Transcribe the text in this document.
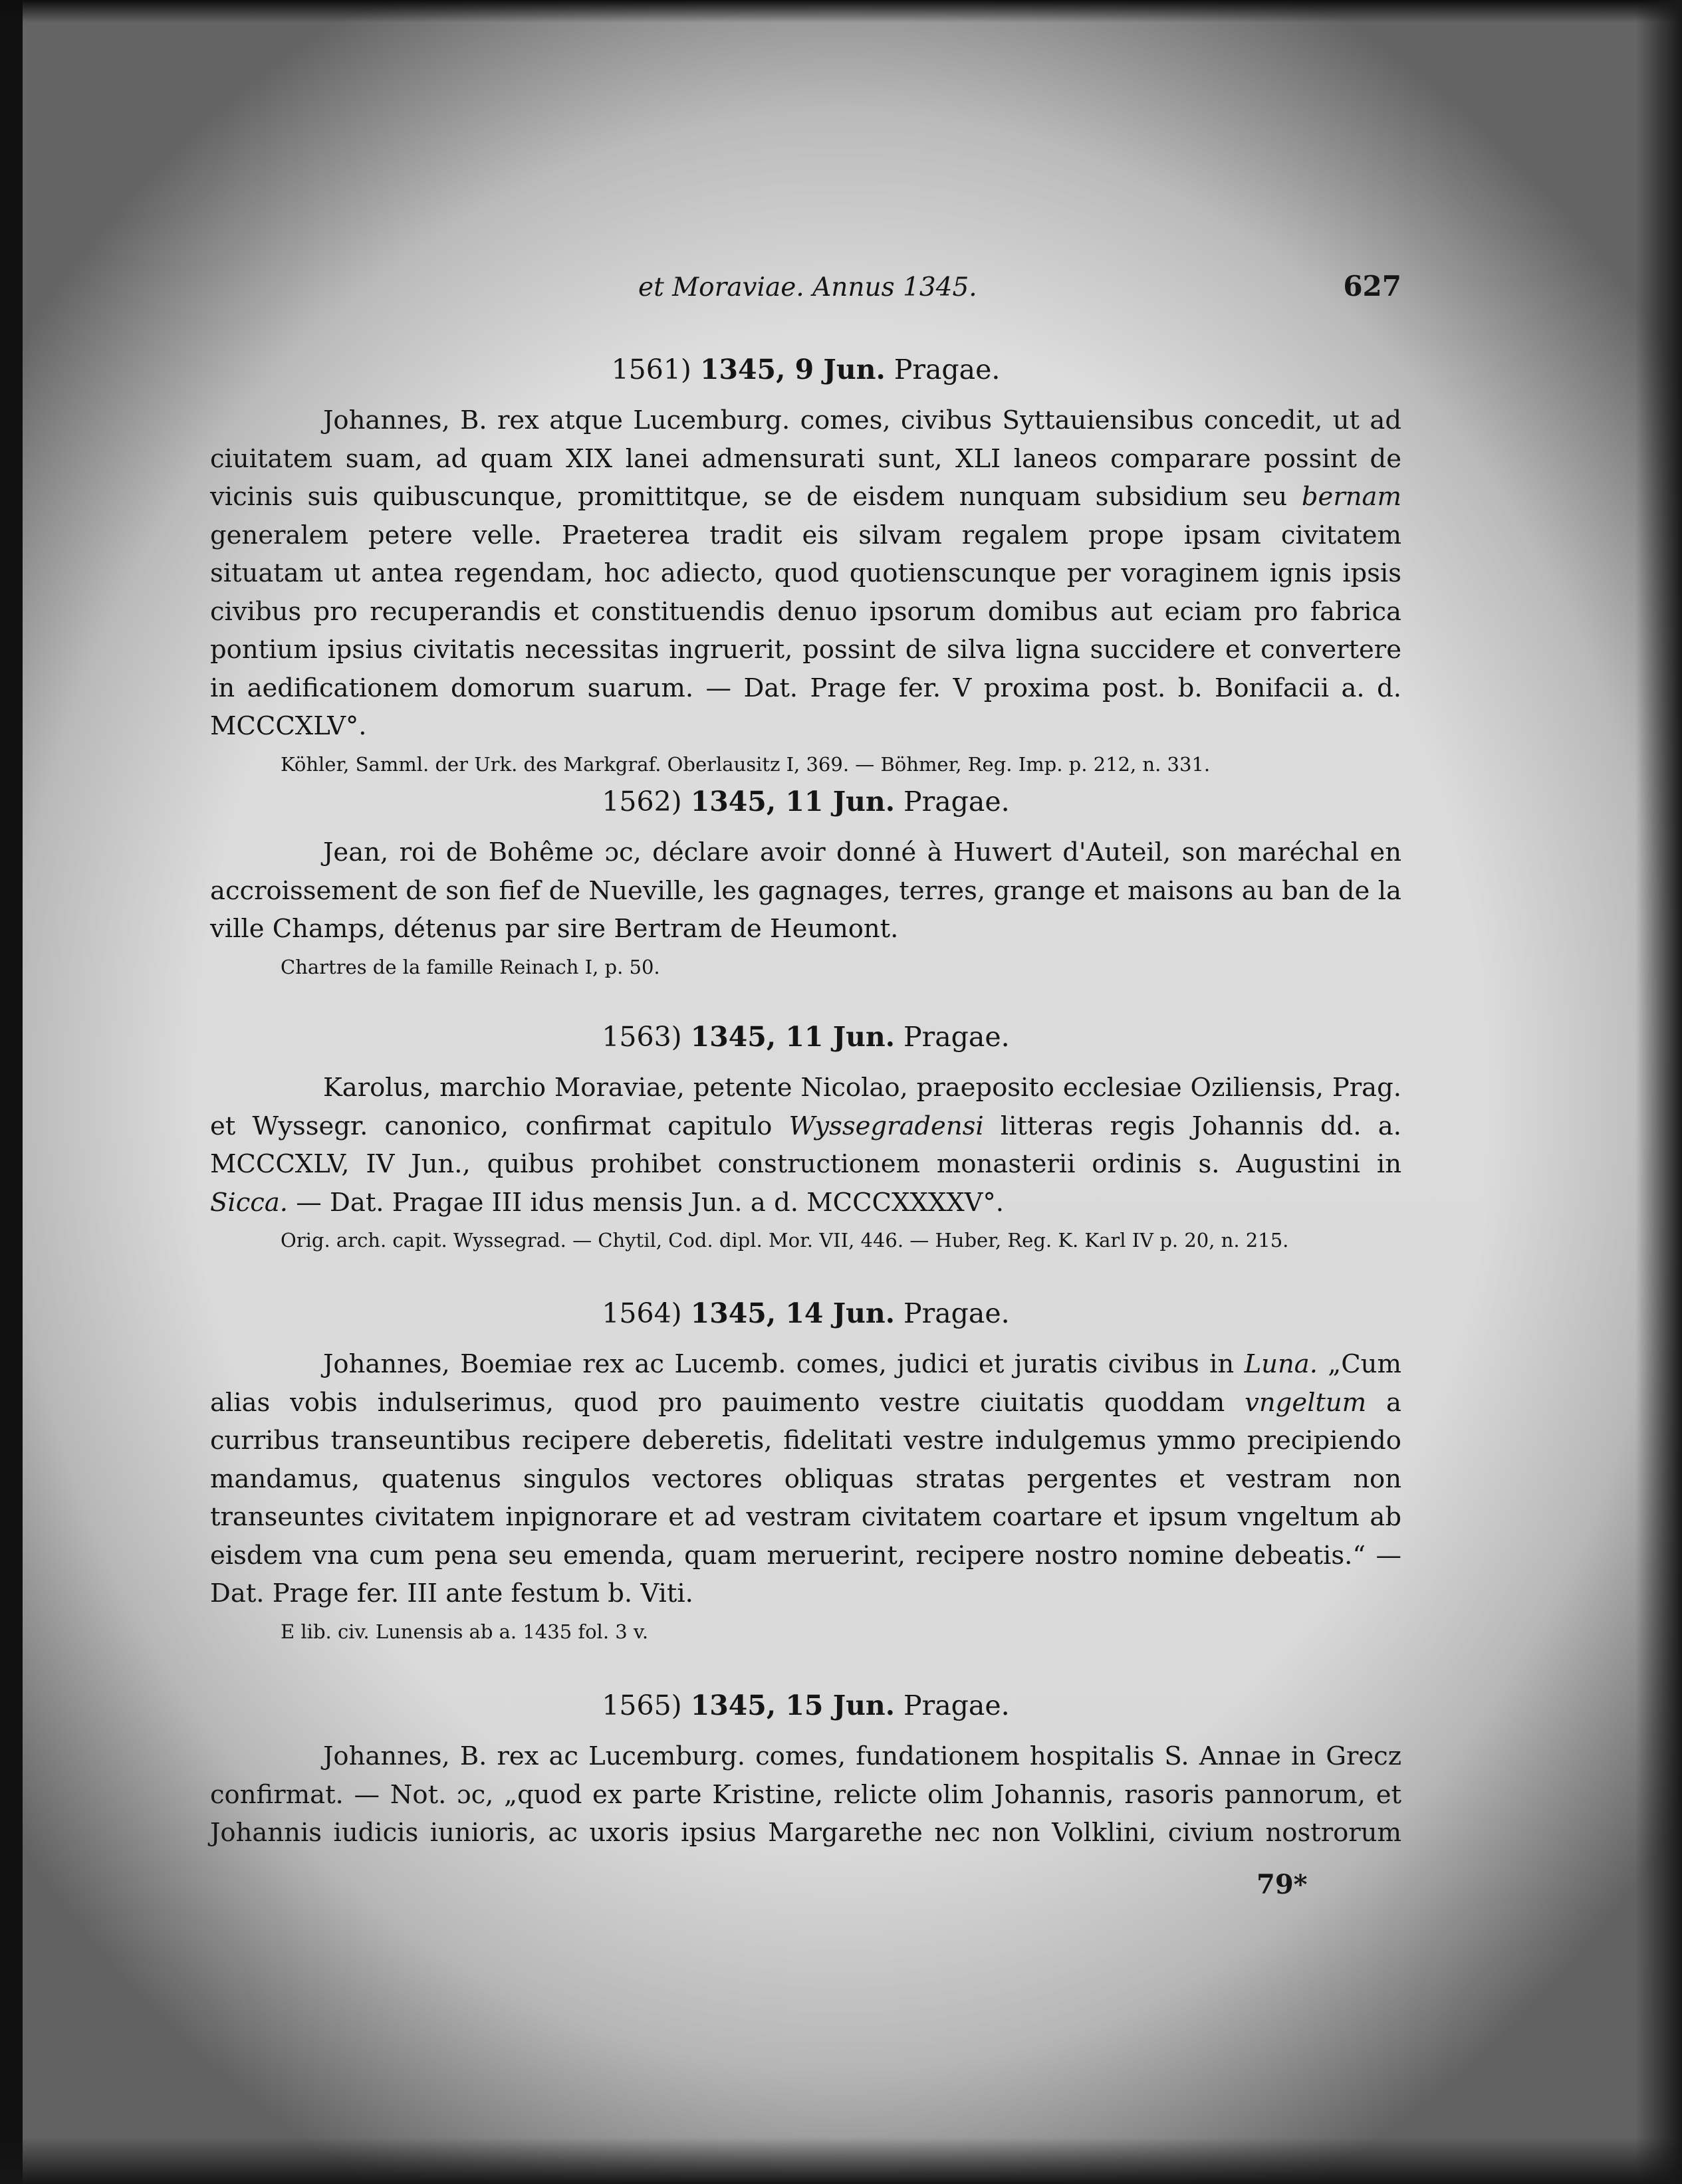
et Moraviae. Annus 1345.	627
1561) 1345, 9 Jun. Pragae.

Johannes, B. rex atque Lucemburg. comes, civibus Syttauiensibus concedit, ut ad ciuitatem suam, ad quam XIX lanei admensurati sunt, XLI laneos comparare possint de vicinis suis quibuscunque, promittitque, se de eisdem nunquam subsidium seu bernam generalem petere velle. Praeterea tradit eis silvam regalem prope ipsam civitatem situatam ut antea regendam, hoc adiecto, quod quotienscunque per voraginem ignis ipsis civibus pro recuperandis et constituendis denuo ipsorum domibus aut eciam pro fabrica pontium ipsius civitatis necessitas ingruerit, possint de silva ligna succidere et convertere in aedificationem domorum suarum. — Dat. Prage fer. V proxima post. b. Bonifacii a. d. MCCCXLV°.

Köhler, Samml. der Urk. des Markgraf. Oberlausitz I, 369. — Böhmer, Reg. Imp. p. 212, n. 331.
1562) 1345, 11 Jun. Pragae.

Jean, roi de Bohême ɔc, déclare avoir donné à Huwert d'Auteil, son maréchal en accroissement de son fief de Nueville, les gagnages, terres, grange et maisons au ban de la ville Champs, détenus par sire Bertram de Heumont.

Chartres de la famille Reinach I, p. 50.
1563) 1345, 11 Jun. Pragae.

Karolus, marchio Moraviae, petente Nicolao, praeposito ecclesiae Oziliensis, Prag. et Wyssegr. canonico, confirmat capitulo Wyssegradensi litteras regis Johannis dd. a. MCCCXLV, IV Jun., quibus prohibet constructionem monasterii ordinis s. Augustini in Sicca. — Dat. Pragae III idus mensis Jun. a d. MCCCXXXXV°.

Orig. arch. capit. Wyssegrad. — Chytil, Cod. dipl. Mor. VII, 446. — Huber, Reg. K. Karl IV p. 20, n. 215.
1564) 1345, 14 Jun. Pragae.

Johannes, Boemiae rex ac Lucemb. comes, judici et juratis civibus in Luna. „Cum alias vobis indulserimus, quod pro pauimento vestre ciuitatis quoddam vngeltum a curribus transeuntibus recipere deberetis, fidelitati vestre indulgemus ymmo precipiendo mandamus, quatenus singulos vectores obliquas stratas pergentes et vestram non transeuntes civitatem inpignorare et ad vestram civitatem coartare et ipsum vngeltum ab eisdem vna cum pena seu emenda, quam meruerint, recipere nostro nomine debeatis.“ — Dat. Prage fer. III ante festum b. Viti.

E lib. civ. Lunensis ab a. 1435 fol. 3 v.
1565) 1345, 15 Jun. Pragae.

Johannes, B. rex ac Lucemburg. comes, fundationem hospitalis S. Annae in Grecz confirmat. — Not. ɔc, „quod ex parte Kristine, relicte olim Johannis, rasoris pannorum, et Johannis iudicis iunioris, ac uxoris ipsius Margarethe nec non Volklini, civium nostrorum

79*
